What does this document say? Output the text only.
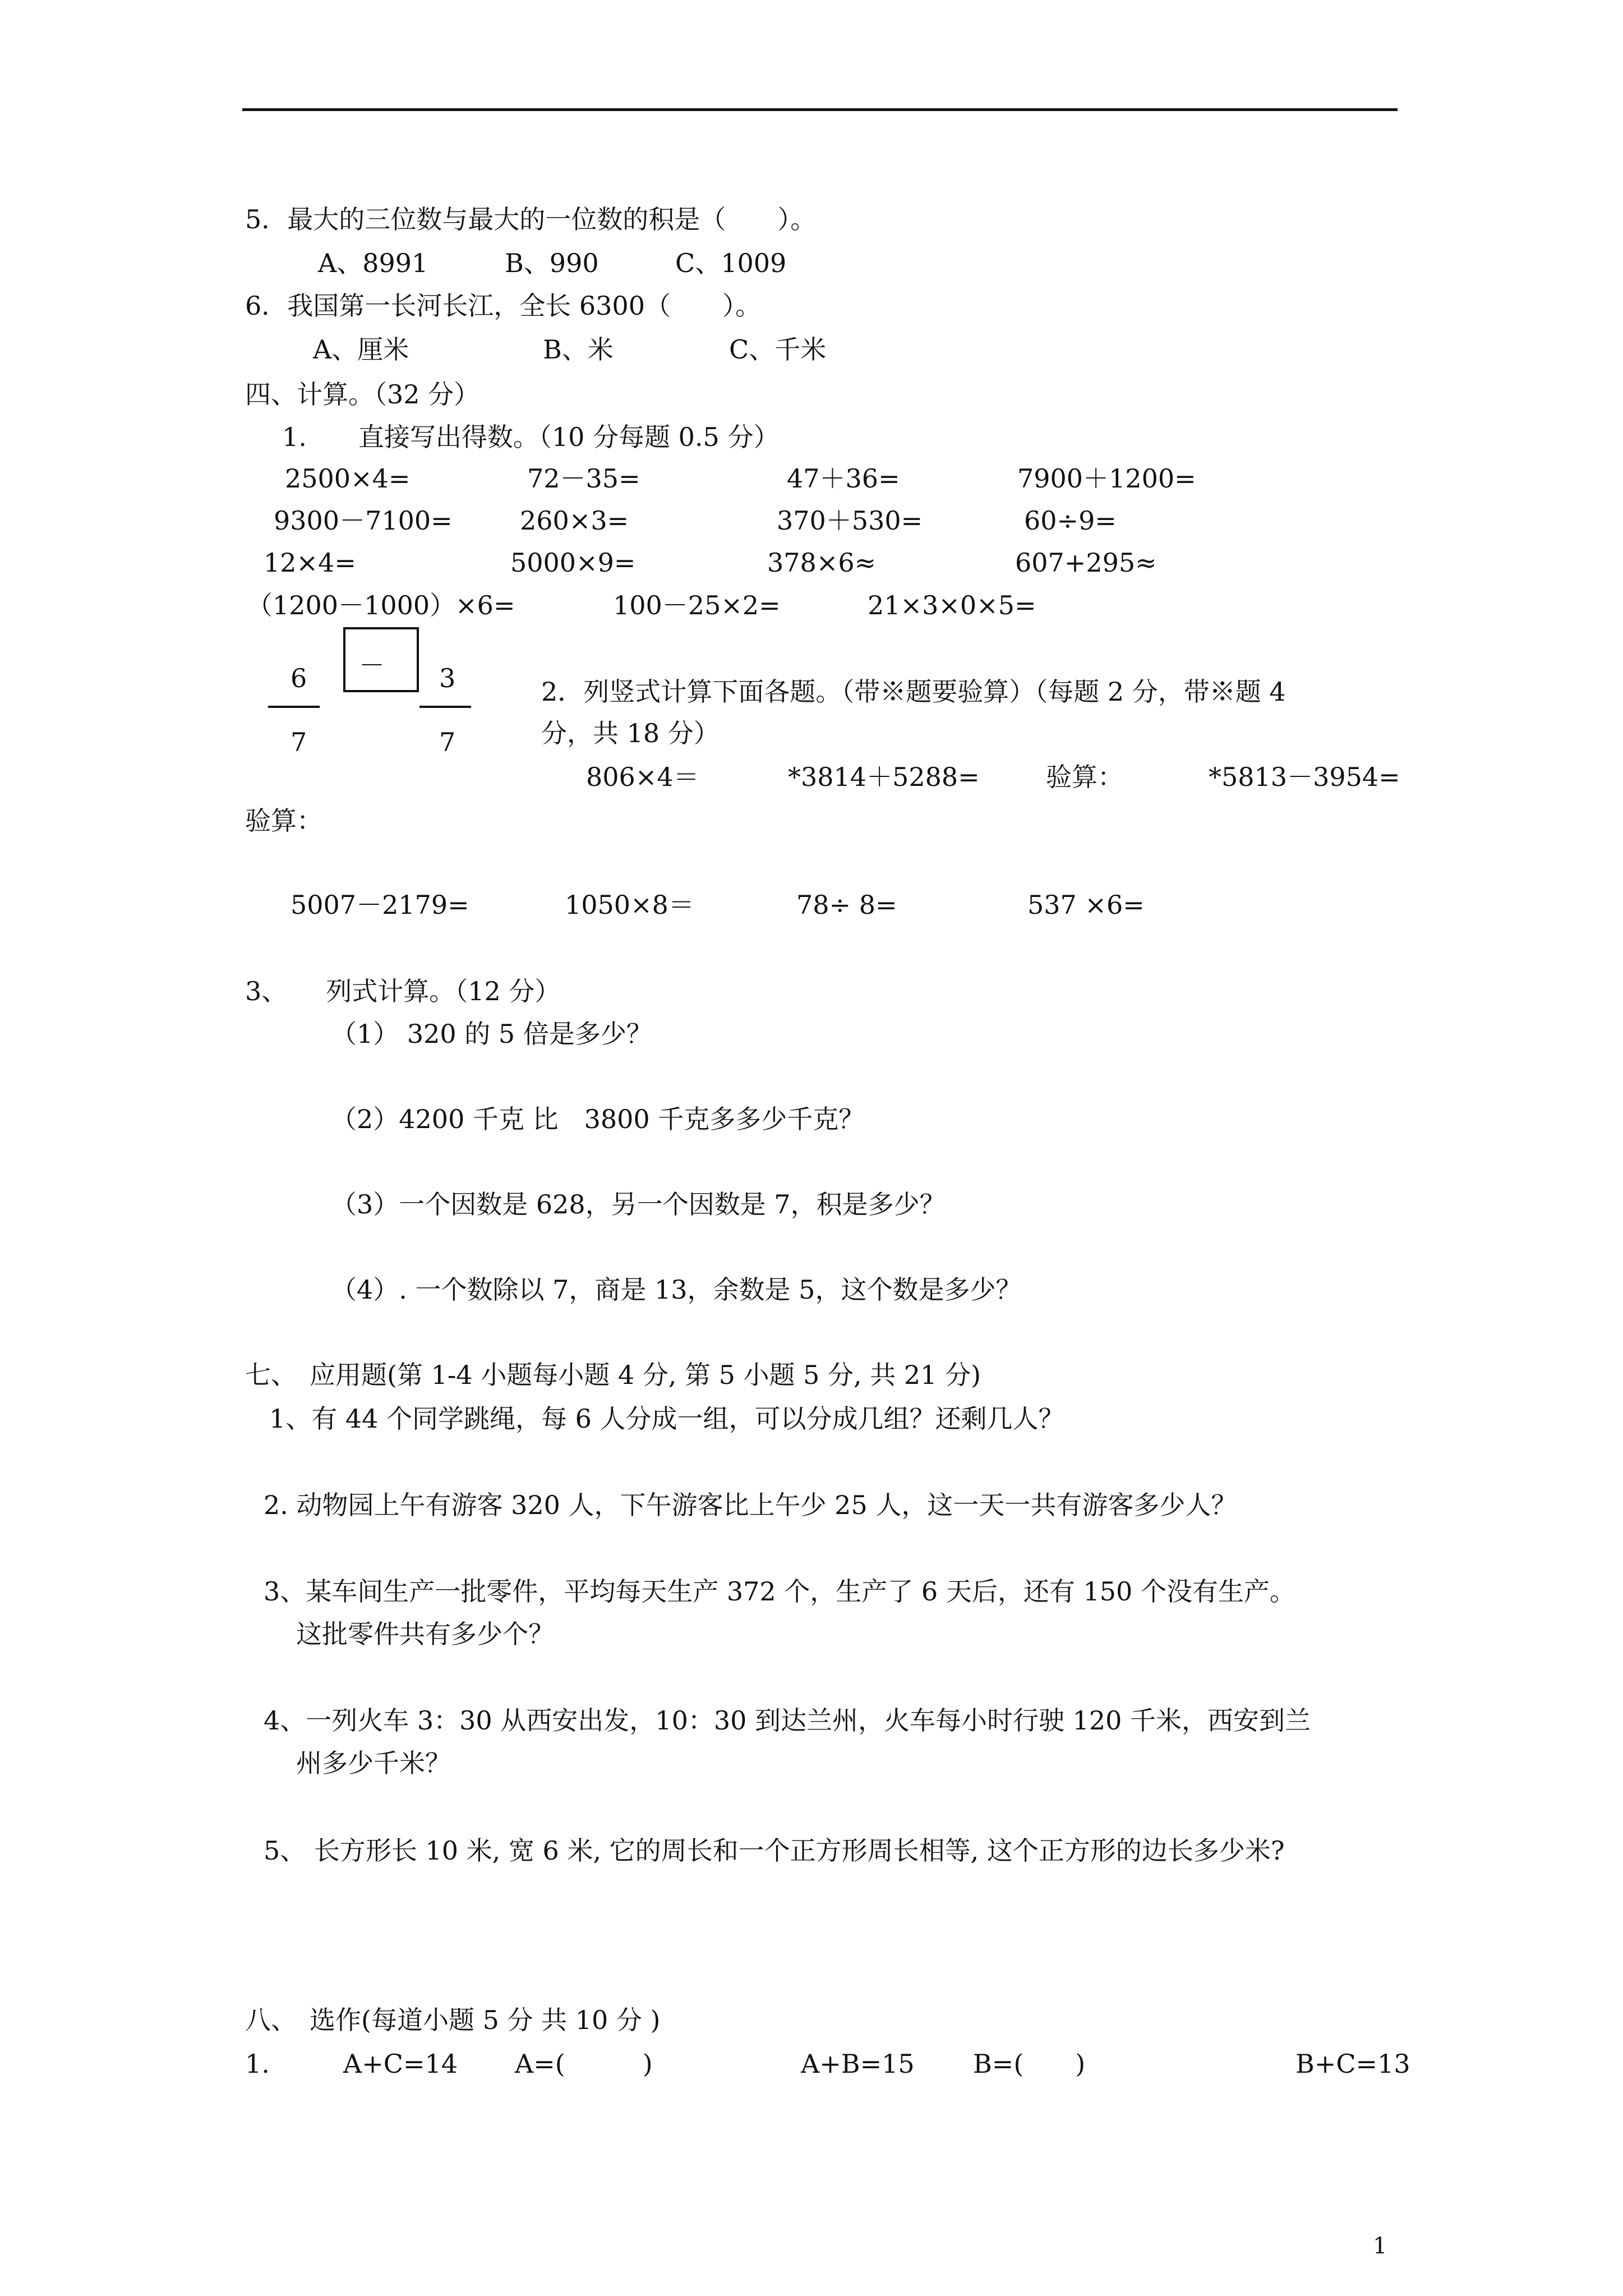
5．最大的三位数与最大的一位数的积是（　　）。
A、8991	B、990	C、1009
6．我国第一长河长江，全长 6300（　　）。
A、厘米	B、米	C、千米
四、计算。（32 分）
1.　　直接写出得数。（10 分每题 0.5 分）
2500×4=	72－35=	47＋36=	7900＋1200=
9300－7100=	260×3=	370＋530=	60÷9=
12×4=	5000×9=	378×6≈	607+295≈
（1200－1000）×6=	100－25×2=	21×3×0×5=
6
7
－ 3
7
2．列竖式计算下面各题。（带※题要验算）（每题 2 分，带※题 4
分，共 18 分）
806×4＝	*3814＋5288=	验算：	*5813－3954=
验算：
5007－2179=	1050×8＝	78÷ 8=	537 ×6=
3、　　列式计算。（12 分）
（1） 320 的 5 倍是多少？
（2）4200 千克 比　3800 千克多多少千克？
（3）一个因数是 628，另一个因数是 7，积是多少？
（4）. 一个数除以 7，商是 13，余数是 5，这个数是多少？
七、　应用题(第 1-4 小题每小题 4 分, 第 5 小题 5 分, 共 21 分)
1、有 44 个同学跳绳，每 6 人分成一组，可以分成几组？还剩几人？
2. 动物园上午有游客 320 人，下午游客比上午少 25 人，这一天一共有游客多少人？
3、某车间生产一批零件，平均每天生产 372 个，生产了 6 天后，还有 150 个没有生产。
这批零件共有多少个？
4、一列火车 3：30 从西安出发，10：30 到达兰州，火车每小时行驶 120 千米，西安到兰
州多少千米？
5、 长方形长 10 米, 宽 6 米, 它的周长和一个正方形周长相等, 这个正方形的边长多少米?
八、　选作(每道小题 5 分 共 10 分 )
1.	A+C=14 A=(　　　)	A+B=15 B=(　　)	B+C=13
1
